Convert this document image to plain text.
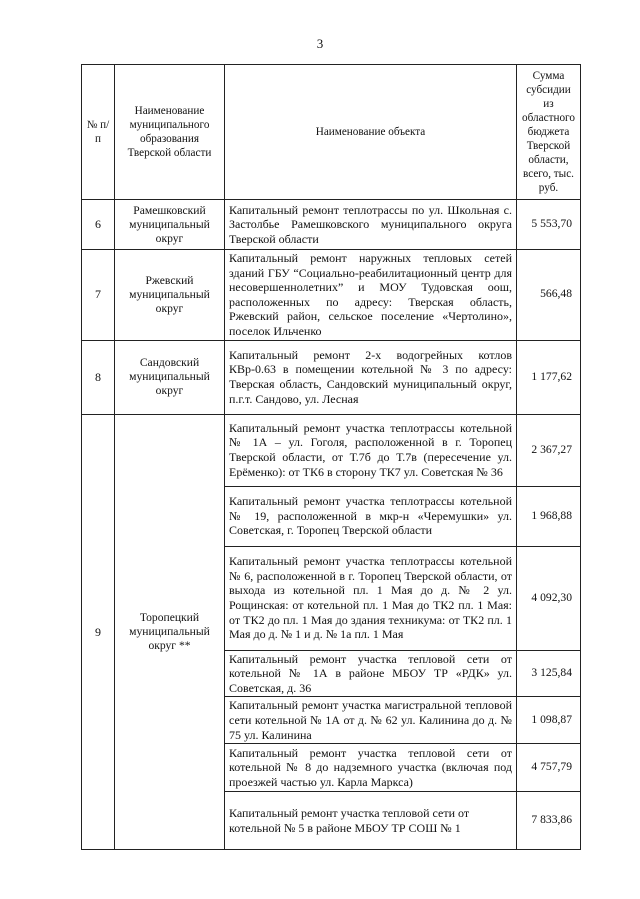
3
№ п/п	Наименование муниципального образования Тверской области	Наименование объекта	Сумма субсидии из областного бюджета Тверской области, всего, тыс. руб.
6	Рамешковский муниципальный округ	Капитальный ремонт теплотрассы по ул. Школьная с. Застолбье Рамешковского муниципального округа Тверской области	5 553,70
7	Ржевский муниципальный округ	Капитальный ремонт наружных тепловых сетей зданий ГБУ “Социально-реабилитационный центр для несовершеннолетних” и МОУ Тудовская оош, расположенных по адресу: Тверская область, Ржевский район, сельское поселение «Чертолино», поселок Ильченко	566,48
8	Сандовский муниципальный округ	Капитальный ремонт 2-х водогрейных котлов КВр-0.63 в помещении котельной № 3 по адресу: Тверская область, Сандовский муниципальный округ, п.г.т. Сандово, ул. Лесная	1 177,62
9	Торопецкий муниципальный округ **	Капитальный ремонт участка теплотрассы котельной № 1А – ул. Гоголя, расположенной в г. Торопец Тверской области, от Т.7б до Т.7в (пересечение ул. Ерёменко): от ТК6 в сторону ТК7 ул. Советская № 36	2 367,27
		Капитальный ремонт участка теплотрассы котельной № 19, расположенной в мкр-н «Черемушки» ул. Советская, г. Торопец Тверской области	1 968,88
		Капитальный ремонт участка теплотрассы котельной № 6, расположенной в г. Торопец Тверской области, от выхода из котельной пл. 1 Мая до д. № 2 ул. Рощинская: от котельной пл. 1 Мая до ТК2 пл. 1 Мая: от ТК2 до пл. 1 Мая до здания техникума: от ТК2 пл. 1 Мая до д. № 1 и д. № 1а пл. 1 Мая	4 092,30
		Капитальный ремонт участка тепловой сети от котельной № 1А в районе МБОУ ТР «РДК» ул. Советская, д. 36	3 125,84
		Капитальный ремонт участка магистральной тепловой сети котельной № 1А от д. № 62 ул. Калинина до д. № 75 ул. Калинина	1 098,87
		Капитальный ремонт участка тепловой сети от котельной № 8 до надземного участка (включая под проезжей частью ул. Карла Маркса)	4 757,79
		Капитальный ремонт участка тепловой сети от котельной № 5 в районе МБОУ ТР СОШ № 1	7 833,86
